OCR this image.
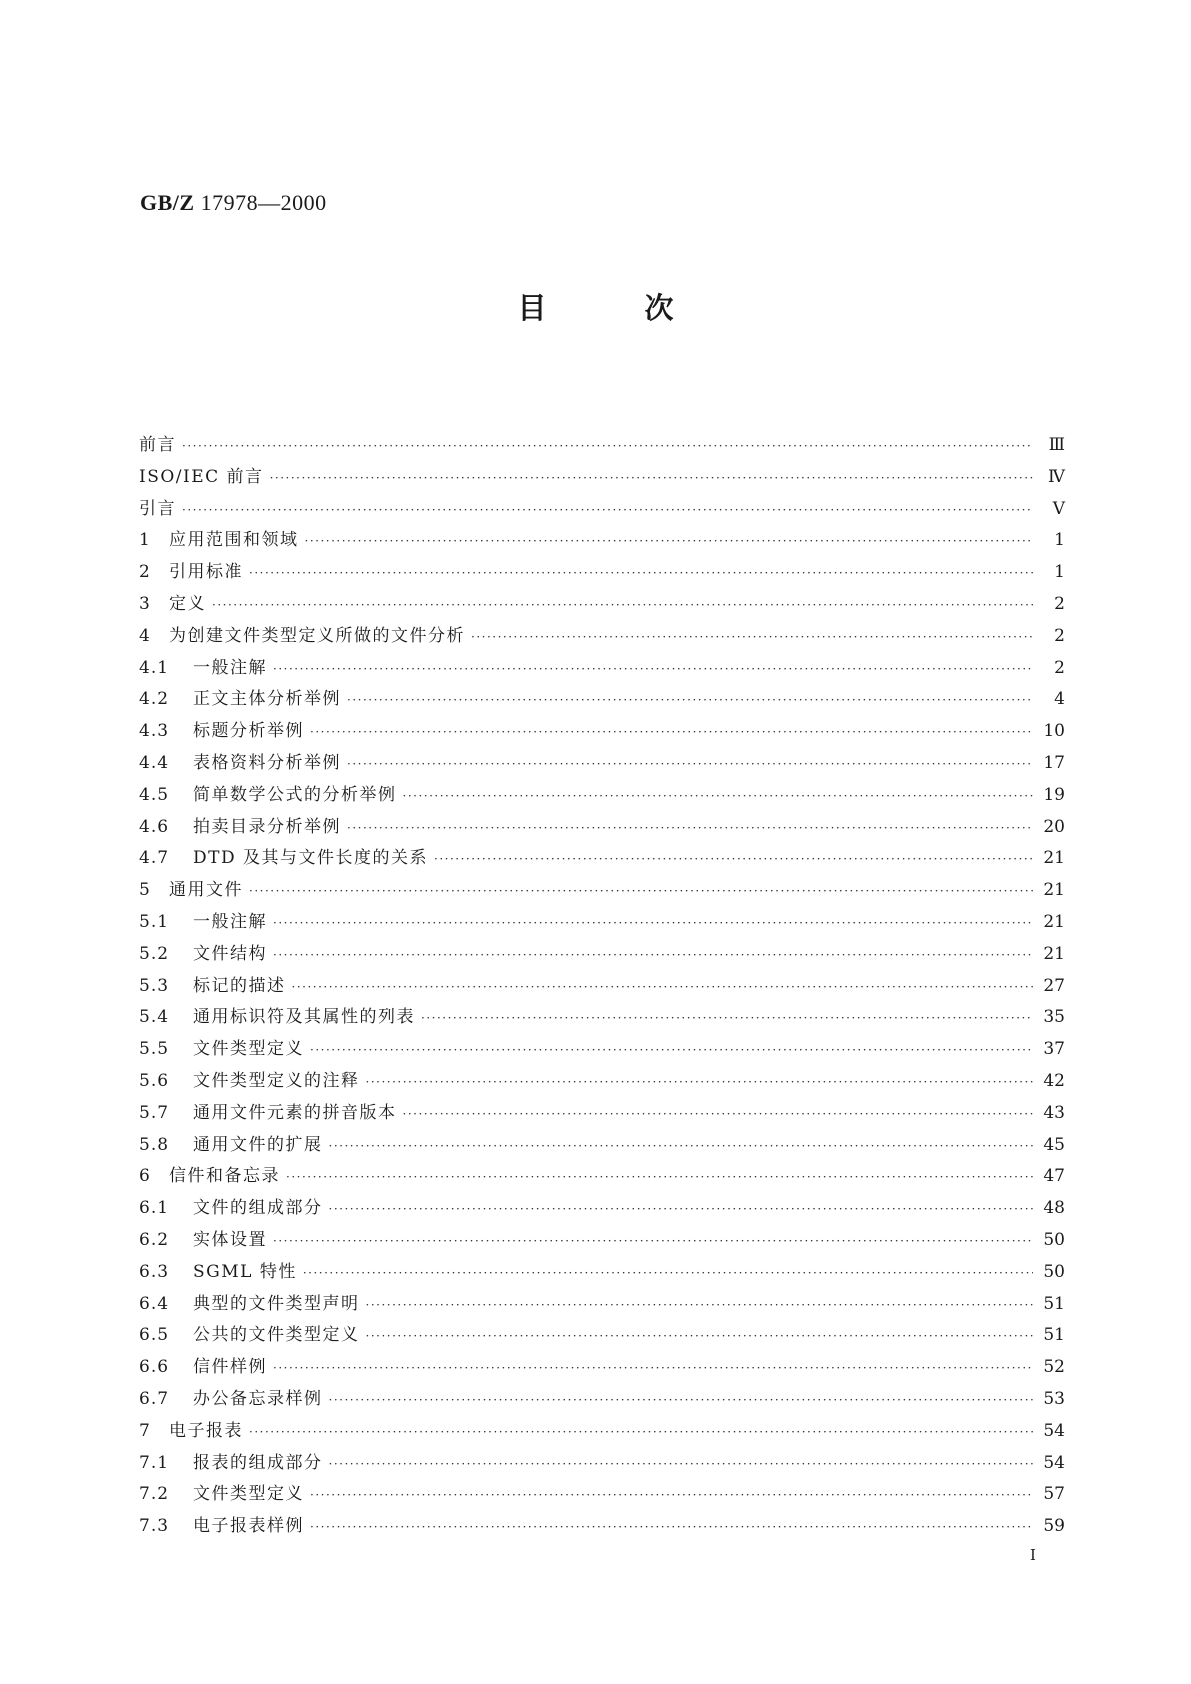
GB/Z 17978—2000
目 次
前言 ·····	Ⅲ
ISO/IEC 前言 ·····	Ⅳ
引言 ·····	Ⅴ
1	应用范围和领域 ·····	1
2	引用标准 ·····	1
3	定义 ·····	2
4	为创建文件类型定义所做的文件分析 ·····	2
4.1	一般注解 ·····	2
4.2	正文主体分析举例 ·····	4
4.3	标题分析举例 ·····	10
4.4	表格资料分析举例 ·····	17
4.5	简单数学公式的分析举例 ·····	19
4.6	拍卖目录分析举例 ·····	20
4.7	DTD 及其与文件长度的关系 ·····	21
5	通用文件 ·····	21
5.1	一般注解 ·····	21
5.2	文件结构 ·····	21
5.3	标记的描述 ·····	27
5.4	通用标识符及其属性的列表 ·····	35
5.5	文件类型定义 ·····	37
5.6	文件类型定义的注释 ·····	42
5.7	通用文件元素的拼音版本 ·····	43
5.8	通用文件的扩展 ·····	45
6	信件和备忘录 ·····	47
6.1	文件的组成部分 ·····	48
6.2	实体设置 ·····	50
6.3	SGML 特性 ·····	50
6.4	典型的文件类型声明 ·····	51
6.5	公共的文件类型定义 ·····	51
6.6	信件样例 ·····	52
6.7	办公备忘录样例 ·····	53
7	电子报表 ·····	54
7.1	报表的组成部分 ·····	54
7.2	文件类型定义 ·····	57
7.3	电子报表样例 ·····	59
Ⅰ
